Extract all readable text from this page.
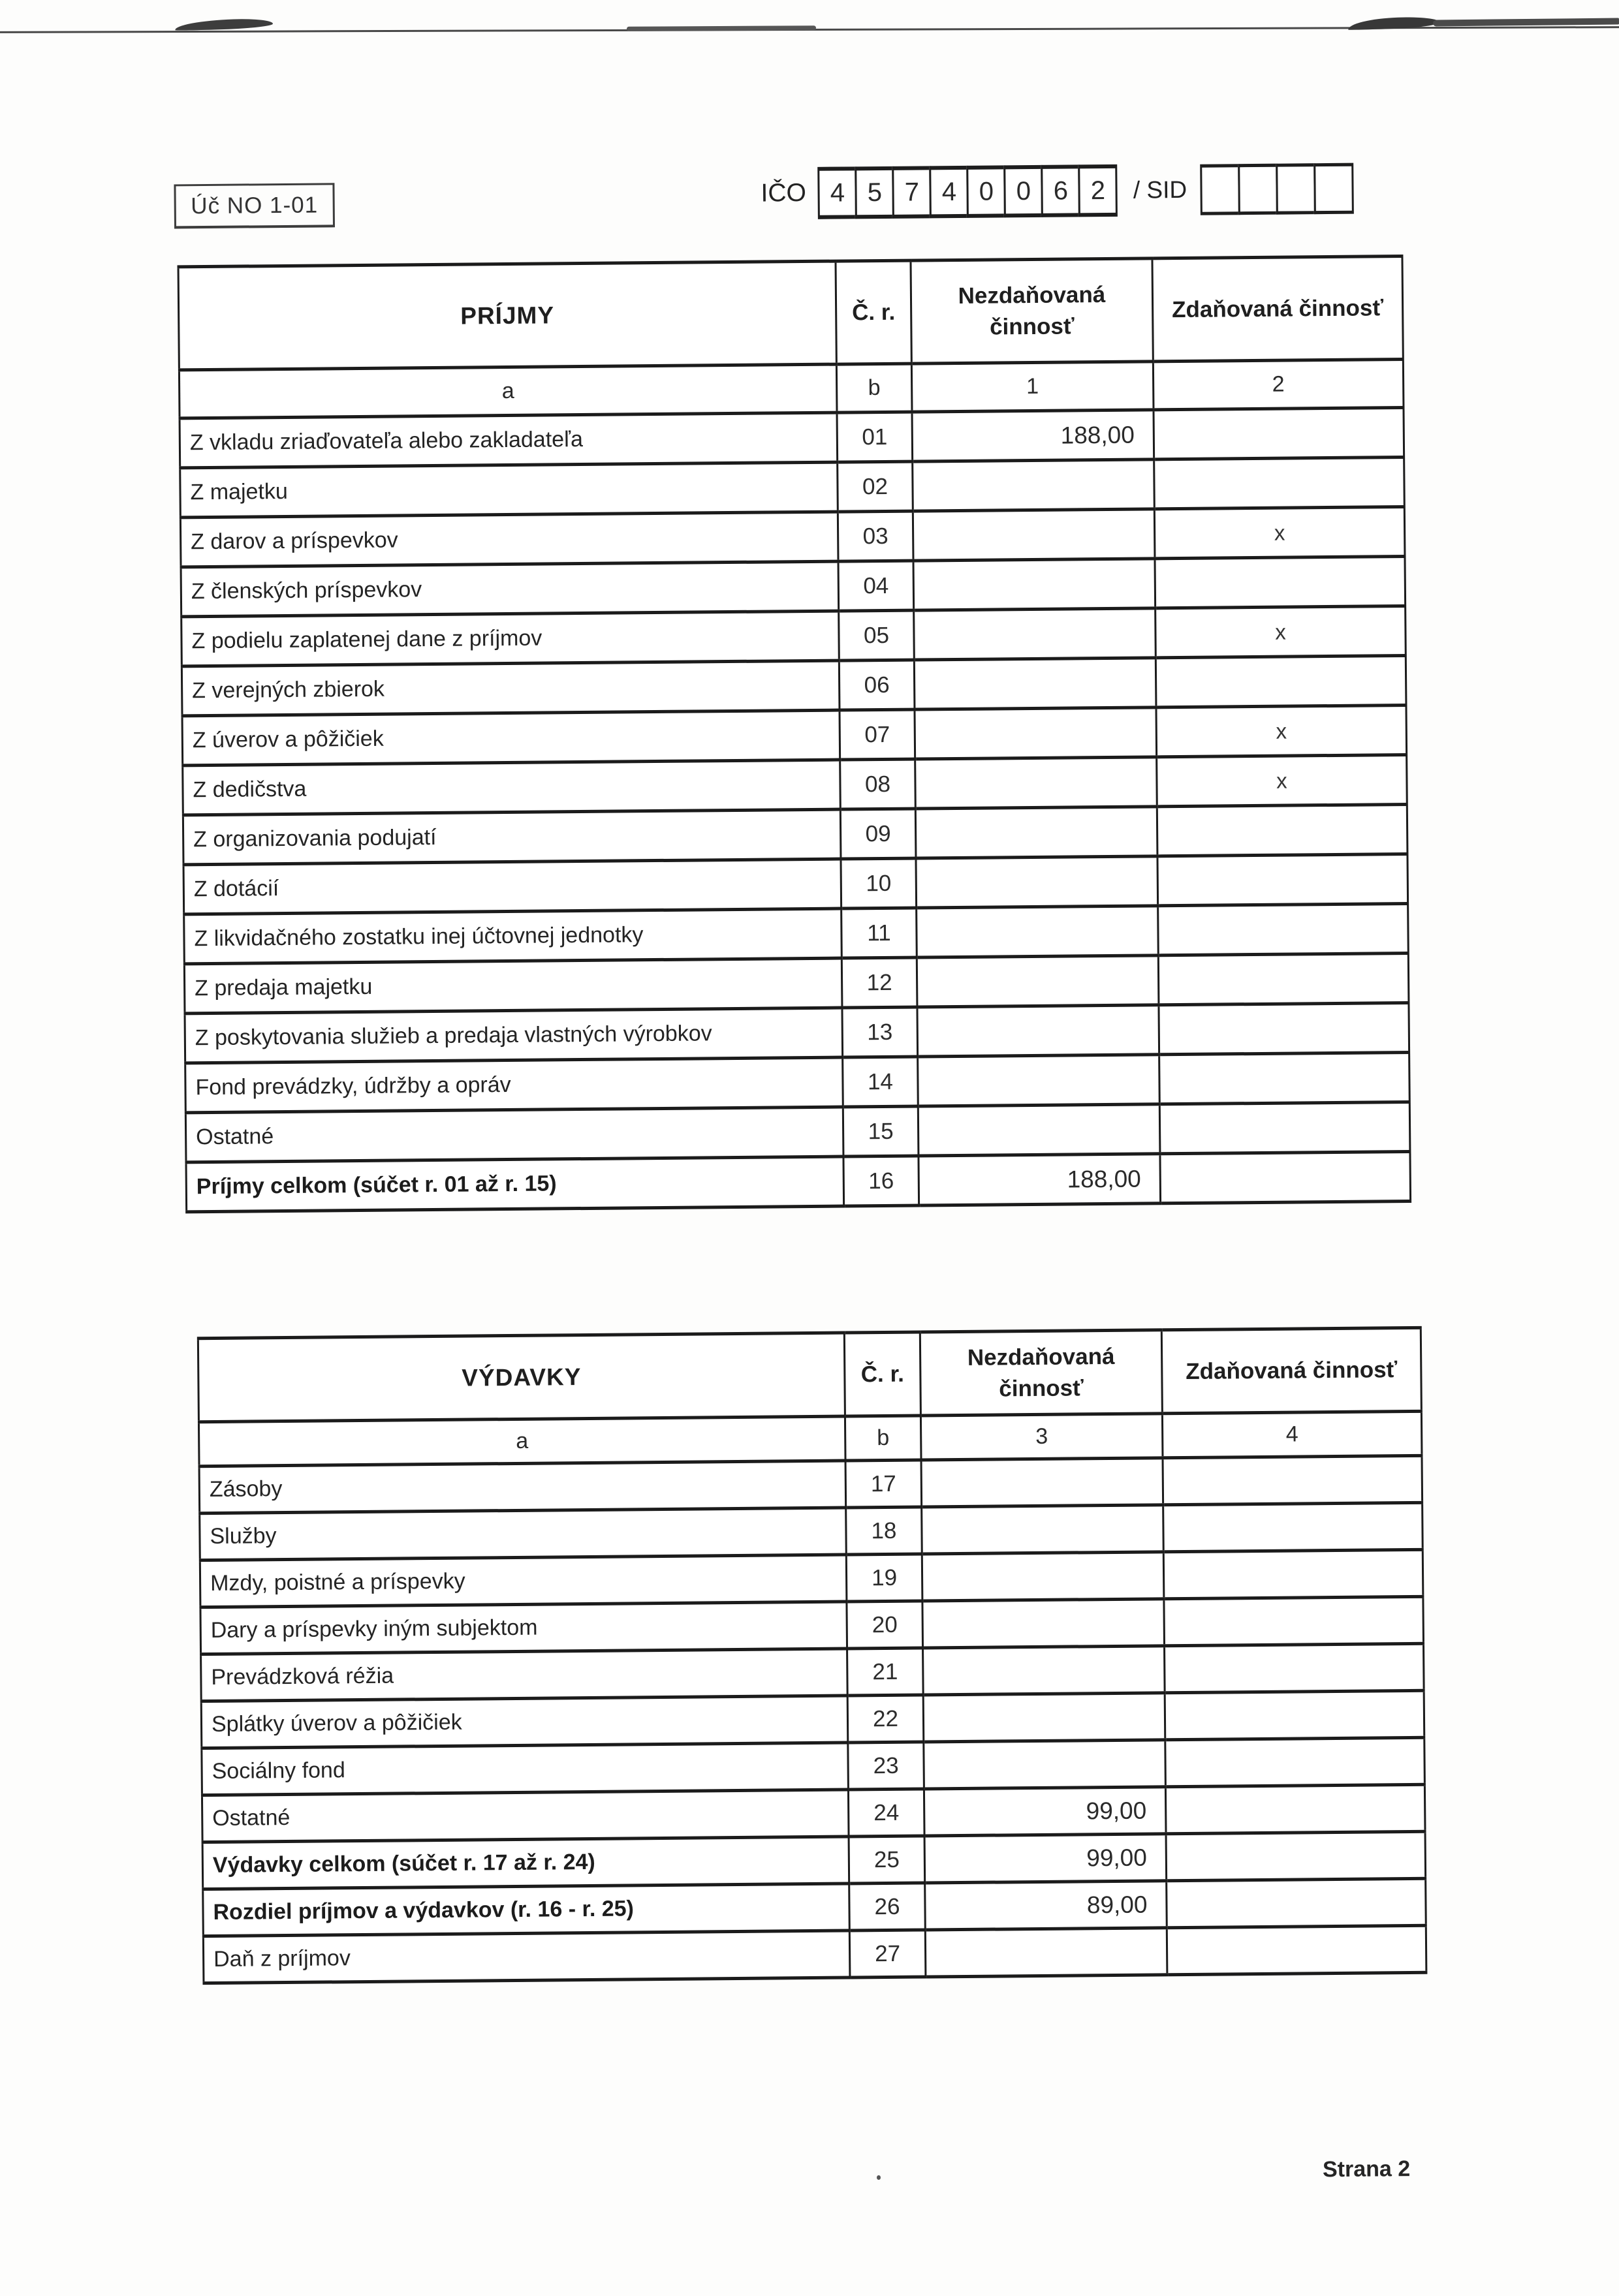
Úč NO 1-01	IČO 4 5 7 4 0 0 6 2	/ SID
PRÍJMY	Č. r.	Nezdaňovaná činnosť	Zdaňovaná činnosť
a	b	1	2
Z vkladu zriaďovateľa alebo zakladateľa	01	188,00	
Z majetku	02		
Z darov a príspevkov	03		x
Z členských príspevkov	04		
Z podielu zaplatenej dane z príjmov	05		x
Z verejných zbierok	06		
Z úverov a pôžičiek	07		x
Z dedičstva	08		x
Z organizovania podujatí	09		
Z dotácií	10		
Z likvidačného zostatku inej účtovnej jednotky	11		
Z predaja majetku	12		
Z poskytovania služieb a predaja vlastných výrobkov	13		
Fond prevádzky, údržby a opráv	14		
Ostatné	15		
Príjmy celkom (súčet r. 01 až r. 15)	16	188,00	
VÝDAVKY	Č. r.	Nezdaňovaná činnosť	Zdaňovaná činnosť
a	b	3	4
Zásoby	17		
Služby	18		
Mzdy, poistné a príspevky	19		
Dary a príspevky iným subjektom	20		
Prevádzková réžia	21		
Splátky úverov a pôžičiek	22		
Sociálny fond	23		
Ostatné	24	99,00	
Výdavky celkom (súčet r. 17 až r. 24)	25	99,00	
Rozdiel príjmov a výdavkov (r. 16 - r. 25)	26	89,00	
Daň z príjmov	27		
Strana 2
